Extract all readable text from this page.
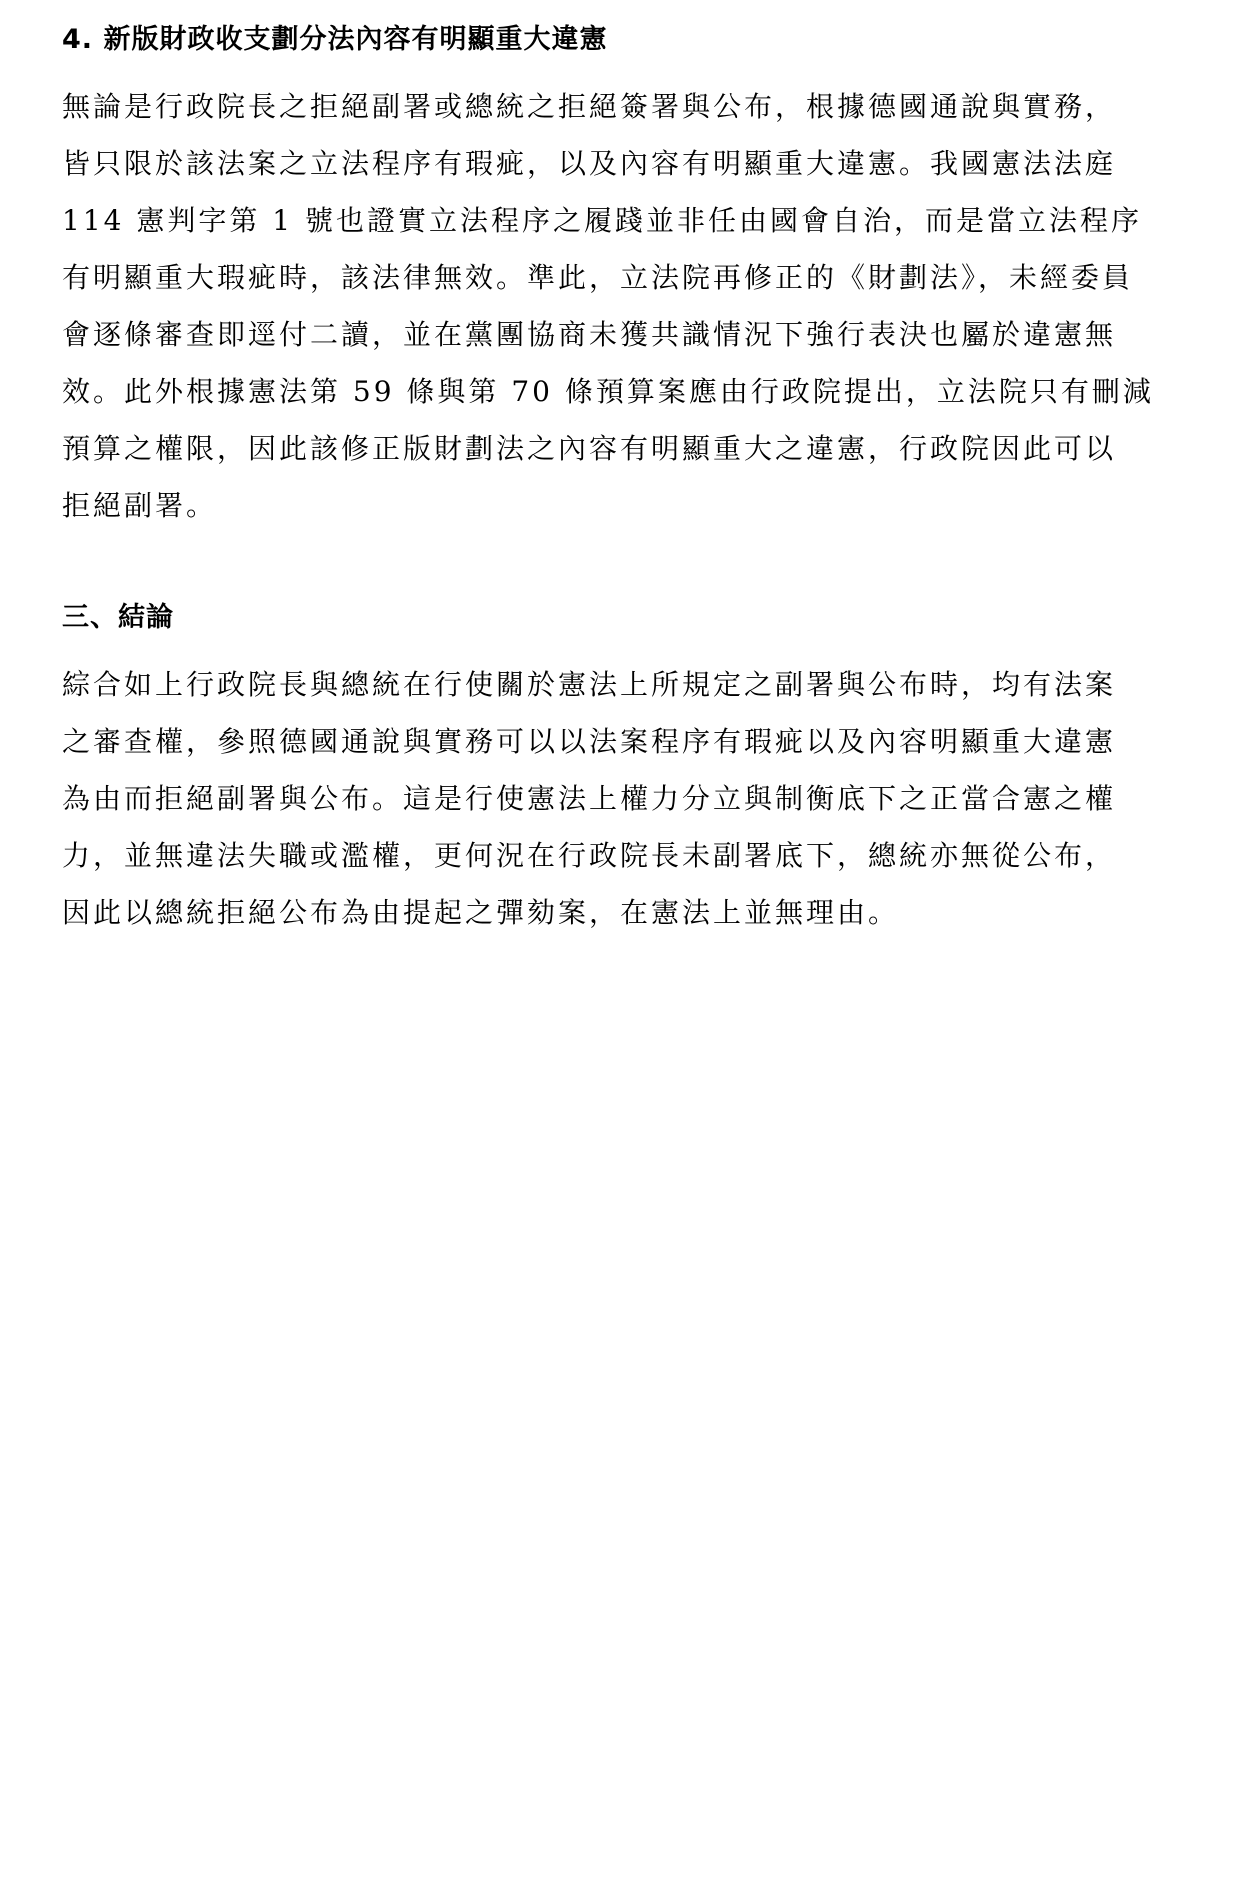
4. 新版財政收支劃分法內容有明顯重大違憲
無論是行政院長之拒絕副署或總統之拒絕簽署與公布，根據德國通說與實務，
皆只限於該法案之立法程序有瑕疵，以及內容有明顯重大違憲。我國憲法法庭
114 憲判字第 1 號也證實立法程序之履踐並非任由國會自治，而是當立法程序
有明顯重大瑕疵時，該法律無效。準此，立法院再修正的《財劃法》，未經委員
會逐條審查即逕付二讀，並在黨團協商未獲共識情況下強行表決也屬於違憲無
效。此外根據憲法第 59 條與第 70 條預算案應由行政院提出，立法院只有刪減
預算之權限，因此該修正版財劃法之內容有明顯重大之違憲，行政院因此可以
拒絕副署。
三、結論
綜合如上行政院長與總統在行使關於憲法上所規定之副署與公布時，均有法案
之審查權，參照德國通說與實務可以以法案程序有瑕疵以及內容明顯重大違憲
為由而拒絕副署與公布。這是行使憲法上權力分立與制衡底下之正當合憲之權
力，並無違法失職或濫權，更何況在行政院長未副署底下，總統亦無從公布，
因此以總統拒絕公布為由提起之彈劾案，在憲法上並無理由。
